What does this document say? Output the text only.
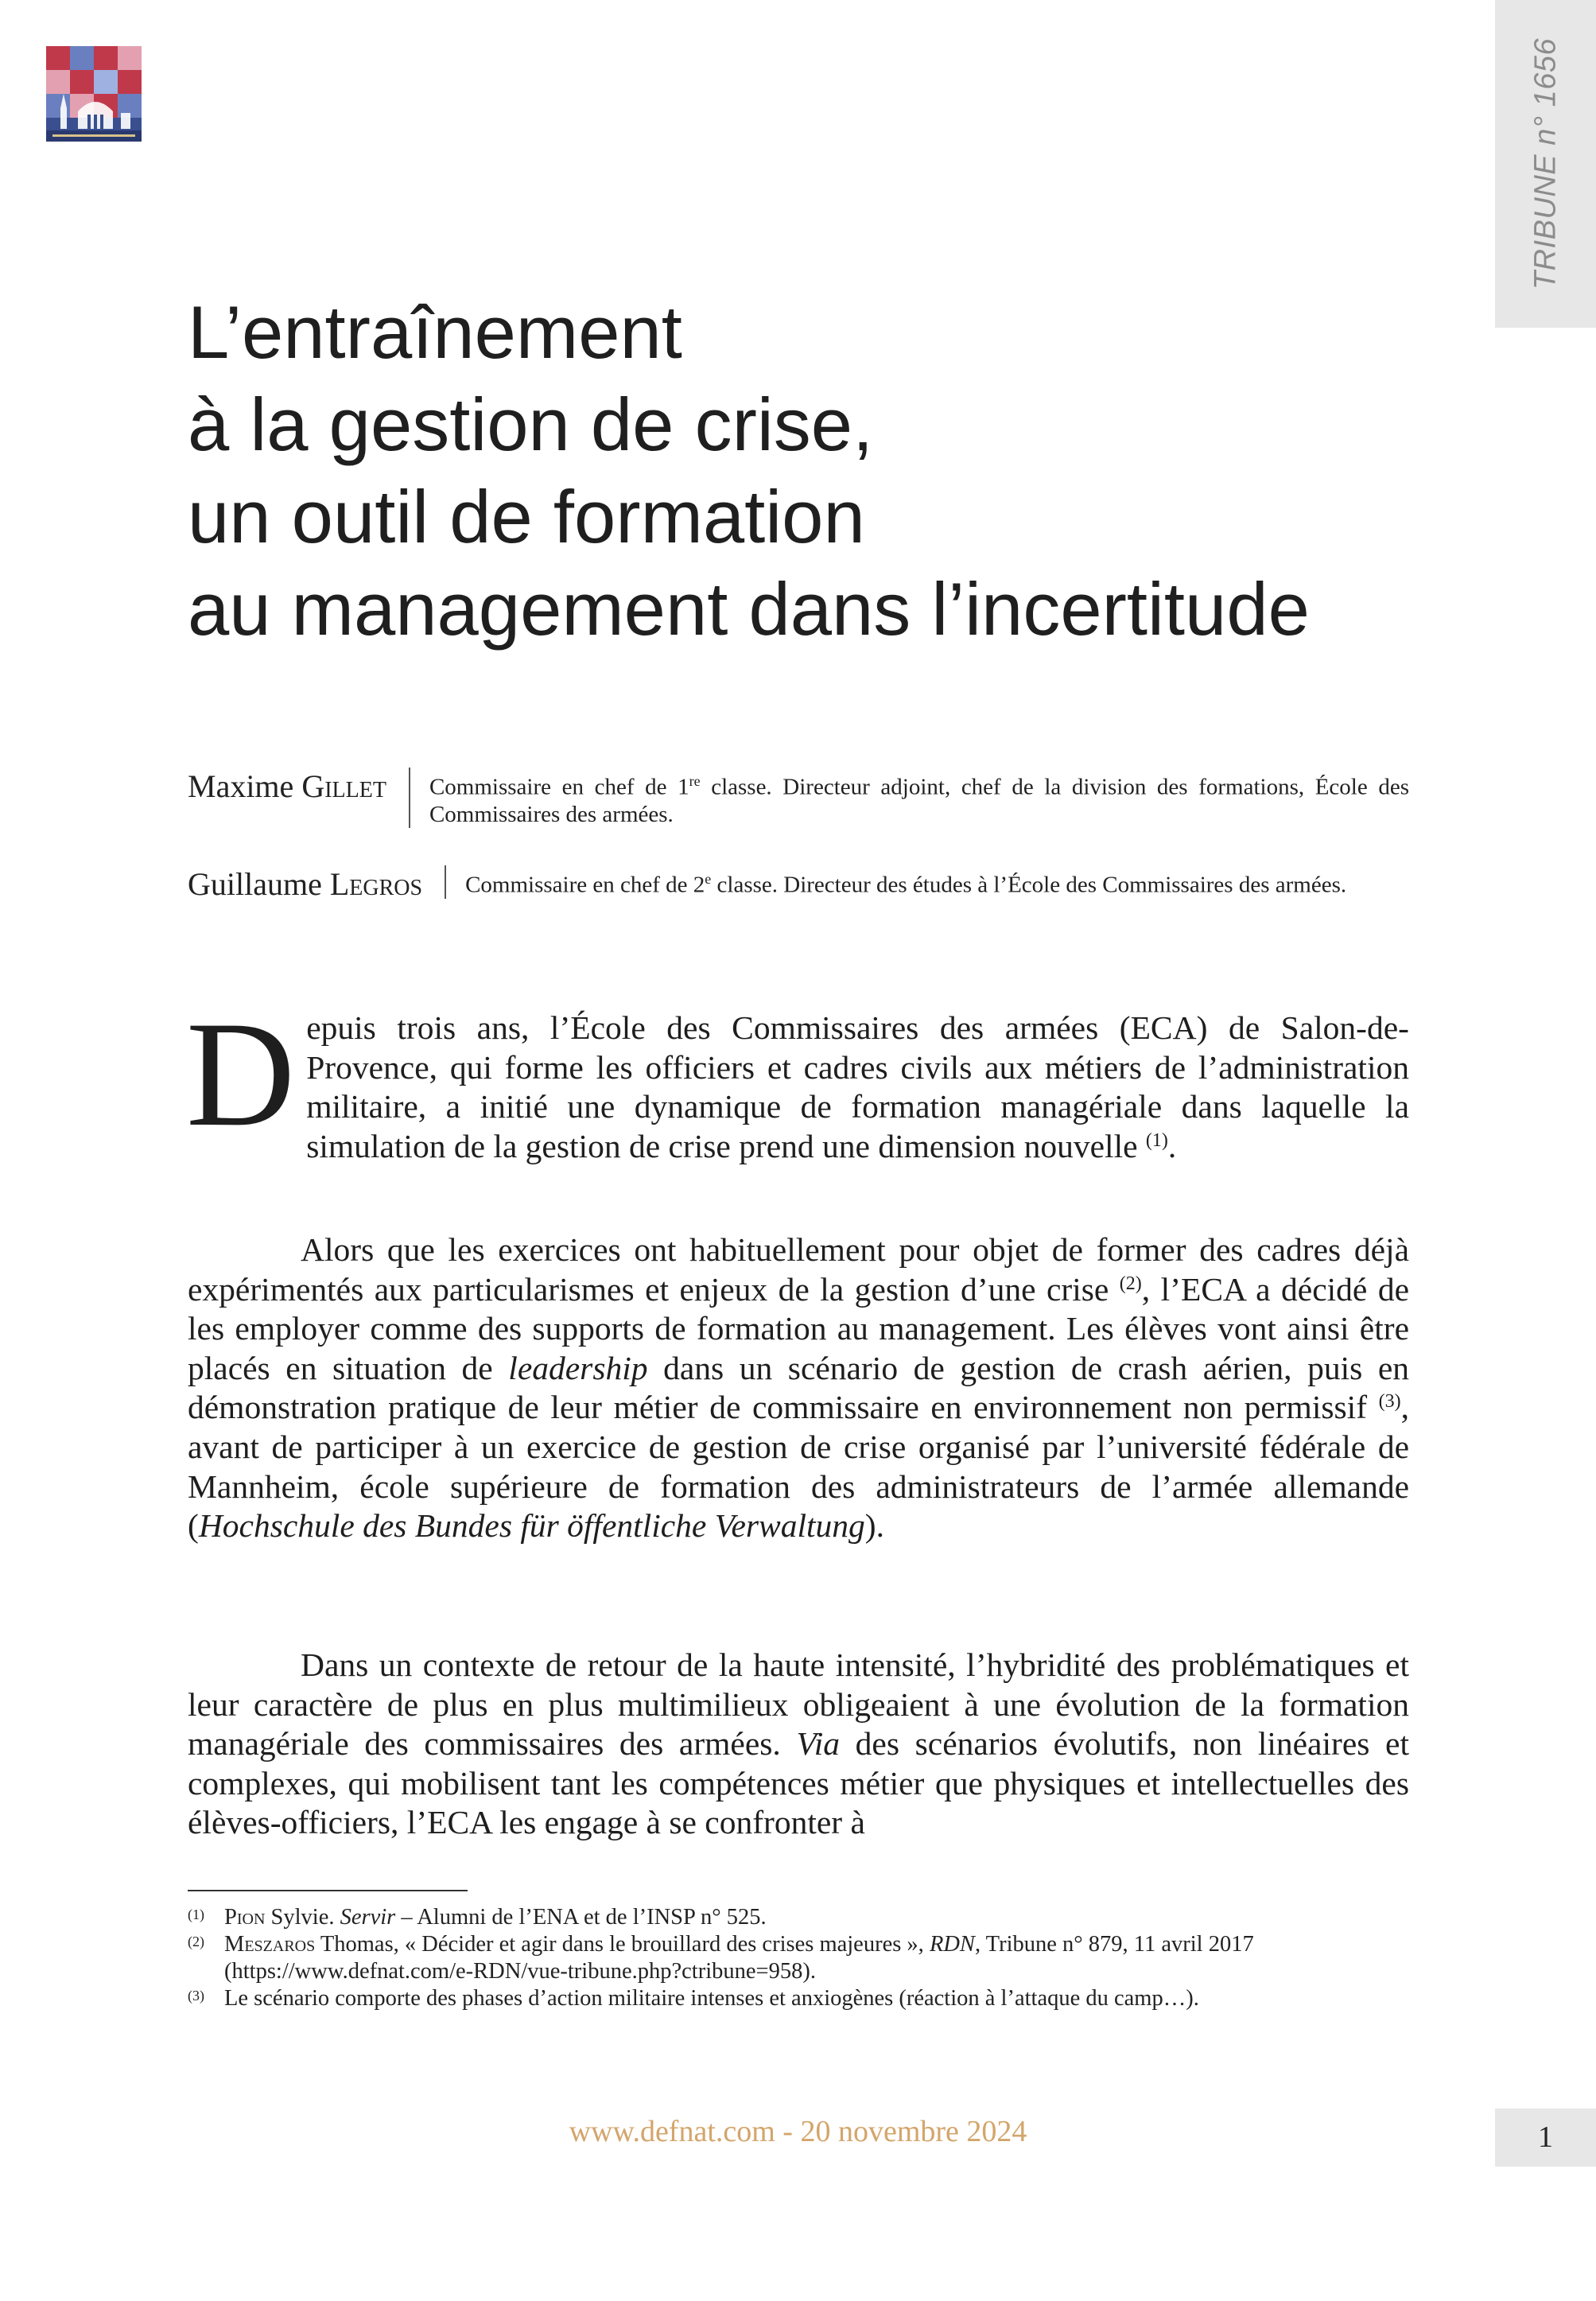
TRIBUNE n° 1656
L’entraînement
à la gestion de crise,
un outil de formation
au management dans l’incertitude
Maxime Gillet	Commissaire en chef de 1re classe. Directeur adjoint, chef de la division des formations, École des Commissaires des armées.
Guillaume Legros	Commissaire en chef de 2e classe. Directeur des études à l’École des Commissaires des armées.

Depuis trois ans, l’École des Commissaires des armées (ECA) de Salon-de-Provence, qui forme les officiers et cadres civils aux métiers de l’administration militaire, a initié une dynamique de formation managériale dans laquelle la simulation de la gestion de crise prend une dimension nouvelle $^{(1)}$.

Alors que les exercices ont habituellement pour objet de former des cadres déjà expérimentés aux particularismes et enjeux de la gestion d’une crise $^{(2)}$, l’ECA a décidé de les employer comme des supports de formation au management. Les élèves vont ainsi être placés en situation de leadership dans un scénario de gestion de crash aérien, puis en démonstration pratique de leur métier de commissaire en environnement non permissif $^{(3)}$, avant de participer à un exercice de gestion de crise organisé par l’université fédérale de Mannheim, école supérieure de formation des administrateurs de l’armée allemande (Hochschule des Bundes für öffentliche Verwaltung).

Dans un contexte de retour de la haute intensité, l’hybridité des problématiques et leur caractère de plus en plus multimilieux obligeaient à une évolution de la formation managériale des commissaires des armées. Via des scénarios évolutifs, non linéaires et complexes, qui mobilisent tant les compétences métier que physiques et intellectuelles des élèves-officiers, l’ECA les engage à se confronter à

(1) Pion Sylvie. Servir – Alumni de l’ENA et de l’INSP n° 525.
(2) Meszaros Thomas, « Décider et agir dans le brouillard des crises majeures », RDN, Tribune n° 879, 11 avril 2017 (https://www.defnat.com/e-RDN/vue-tribune.php?ctribune=958).
(3) Le scénario comporte des phases d’action militaire intenses et anxiogènes (réaction à l’attaque du camp…).
www.defnat.com - 20 novembre 2024	1
